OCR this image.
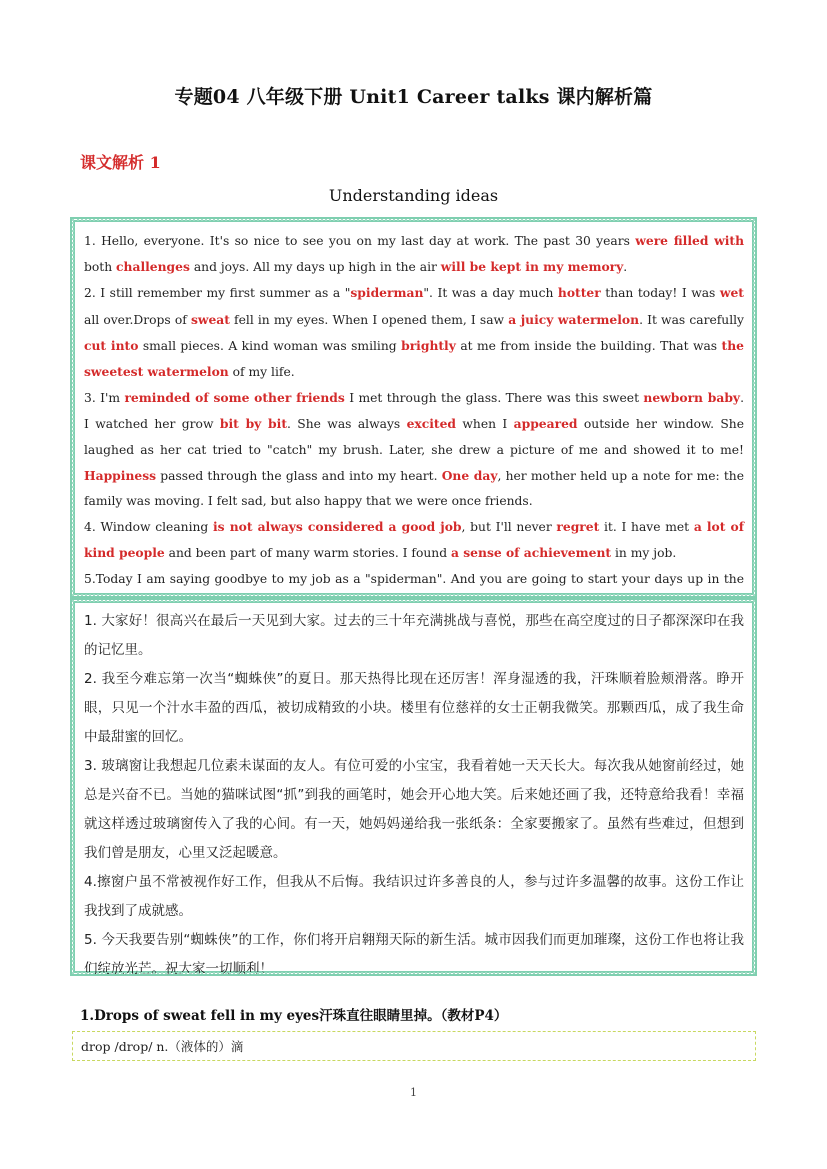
专题04 八年级下册 Unit1 Career talks 课内解析篇
课文解析 1
Understanding ideas

1. Hello, everyone. It's so nice to see you on my last day at work. The past 30 years were filled with both challenges and joys. All my days up high in the air will be kept in my memory.

2. I still remember my first summer as a "spiderman". It was a day much hotter than today! I was wet all over.Drops of sweat fell in my eyes. When I opened them, I saw a juicy watermelon. It was carefully cut into small pieces. A kind woman was smiling brightly at me from inside the building. That was the sweetest watermelon of my life.

3. I'm reminded of some other friends I met through the glass. There was this sweet newborn baby. I watched her grow bit by bit. She was always excited when I appeared outside her window. She laughed as her cat tried to "catch" my brush. Later, she drew a picture of me and showed it to me! Happiness passed through the glass and into my heart. One day, her mother held up a note for me: the family was moving. I felt sad, but also happy that we were once friends.

4. Window cleaning is not always considered a good job, but I'll never regret it. I have met a lot of kind people and been part of many warm stories. I found a sense of achievement in my job.

5.Today I am saying goodbye to my job as a "spiderman". And you are going to start your days up in the

1. 大家好！很高兴在最后一天见到大家。过去的三十年充满挑战与喜悦，那些在高空度过的日子都深深印在我的记忆里。

2. 我至今难忘第一次当“蜘蛛侠”的夏日。那天热得比现在还厉害！浑身湿透的我，汗珠顺着脸颊滑落。睁开眼，只见一个汁水丰盈的西瓜，被切成精致的小块。楼里有位慈祥的女士正朝我微笑。那颗西瓜，成了我生命中最甜蜜的回忆。

3. 玻璃窗让我想起几位素未谋面的友人。有位可爱的小宝宝，我看着她一天天长大。每次我从她窗前经过，她总是兴奋不已。当她的猫咪试图“抓”到我的画笔时，她会开心地大笑。后来她还画了我，还特意给我看！幸福就这样透过玻璃窗传入了我的心间。有一天，她妈妈递给我一张纸条：全家要搬家了。虽然有些难过，但想到我们曾是朋友，心里又泛起暖意。

4.擦窗户虽不常被视作好工作，但我从不后悔。我结识过许多善良的人，参与过许多温馨的故事。这份工作让我找到了成就感。

5. 今天我要告别“蜘蛛侠”的工作，你们将开启翱翔天际的新生活。城市因我们而更加璀璨，这份工作也将让我们绽放光芒。祝大家一切顺利！

1.Drops of sweat fell in my eyes汗珠直往眼睛里掉。（教材P4）
drop /drop/ n.（液体的）滴
1
